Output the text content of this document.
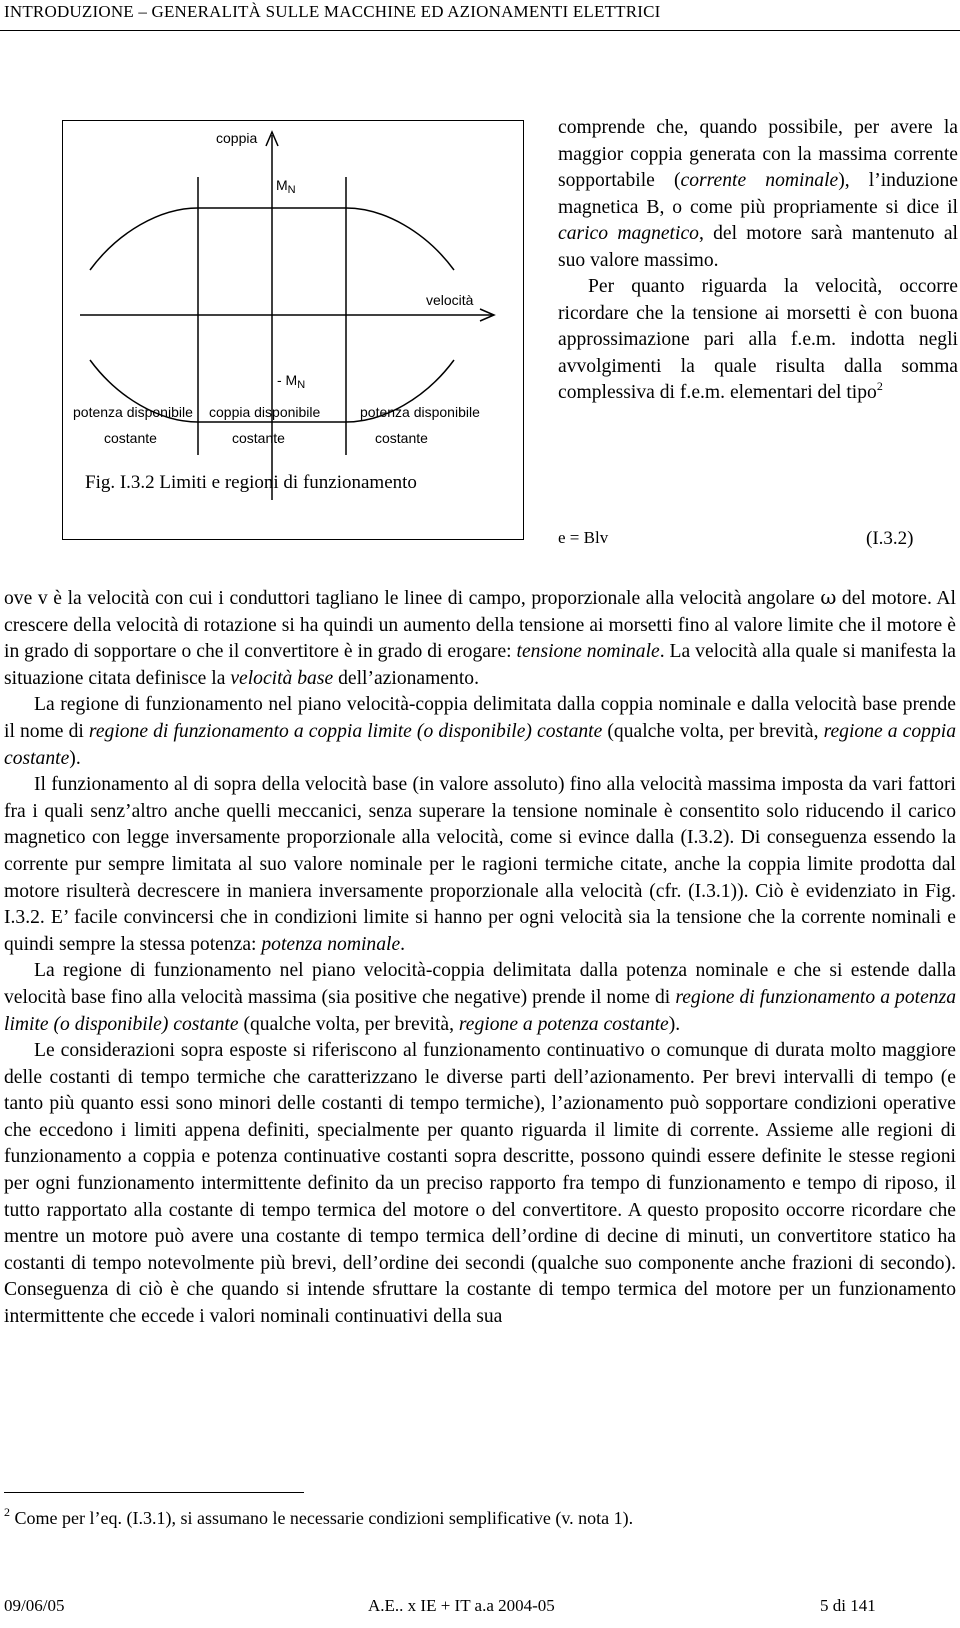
INTRODUZIONE – GENERALITÀ SULLE MACCHINE ED AZIONAMENTI ELETTRICI
coppia
$M_N$
velocità
- $M_N$
potenza disponibile
costante
coppia disponibile
costante
potenza disponibile
costante
Fig. I.3.2 Limiti e regioni di funzionamento

comprende che, quando possibile, per avere la maggior coppia generata con la massima corrente sopportabile (corrente nominale), l’induzione magnetica B, o come più propriamente si dice il carico magnetico, del motore sarà mantenuto al suo valore massimo.

Per quanto riguarda la velocità, occorre ricordare che la tensione ai morsetti è con buona approssimazione pari alla f.e.m. indotta negli avvolgimenti la quale risulta dalla somma complessiva di f.e.m. elementari del tipo$^2$

e = Blv	(I.3.2)

ove v è la velocità con cui i conduttori tagliano le linee di campo, proporzionale alla velocità angolare ω del motore. Al crescere della velocità di rotazione si ha quindi un aumento della tensione ai morsetti fino al valore limite che il motore è in grado di sopportare o che il convertitore è in grado di erogare: tensione nominale. La velocità alla quale si manifesta la situazione citata definisce la velocità base dell’azionamento.

La regione di funzionamento nel piano velocità-coppia delimitata dalla coppia nominale e dalla velocità base prende il nome di regione di funzionamento a coppia limite (o disponibile) costante (qualche volta, per brevità, regione a coppia costante).

Il funzionamento al di sopra della velocità base (in valore assoluto) fino alla velocità massima imposta da vari fattori fra i quali senz’altro anche quelli meccanici, senza superare la tensione nominale è consentito solo riducendo il carico magnetico con legge inversamente proporzionale alla velocità, come si evince dalla (I.3.2). Di conseguenza essendo la corrente pur sempre limitata al suo valore nominale per le ragioni termiche citate, anche la coppia limite prodotta dal motore risulterà decrescere in maniera inversamente proporzionale alla velocità (cfr. (I.3.1)). Ciò è evidenziato in Fig. I.3.2. E’ facile convincersi che in condizioni limite si hanno per ogni velocità sia la tensione che la corrente nominali e quindi sempre la stessa potenza: potenza nominale.

La regione di funzionamento nel piano velocità-coppia delimitata dalla potenza nominale e che si estende dalla velocità base fino alla velocità massima (sia positive che negative) prende il nome di regione di funzionamento a potenza limite (o disponibile) costante (qualche volta, per brevità, regione a potenza costante).

Le considerazioni sopra esposte si riferiscono al funzionamento continuativo o comunque di durata molto maggiore delle costanti di tempo termiche che caratterizzano le diverse parti dell’azionamento. Per brevi intervalli di tempo (e tanto più quanto essi sono minori delle costanti di tempo termiche), l’azionamento può sopportare condizioni operative che eccedono i limiti appena definiti, specialmente per quanto riguarda il limite di corrente. Assieme alle regioni di funzionamento a coppia e potenza continuative costanti sopra descritte, possono quindi essere definite le stesse regioni per ogni funzionamento intermittente definito da un preciso rapporto fra tempo di funzionamento e tempo di riposo, il tutto rapportato alla costante di tempo termica del motore o del convertitore. A questo proposito occorre ricordare che mentre un motore può avere una costante di tempo termica dell’ordine di decine di minuti, un convertitore statico ha costanti di tempo notevolmente più brevi, dell’ordine dei secondi (qualche suo componente anche frazioni di secondo). Conseguenza di ciò è che quando si intende sfruttare la costante di tempo termica del motore per un funzionamento intermittente che eccede i valori nominali continuativi della sua

$^2$ Come per l’eq. (I.3.1), si assumano le necessarie condizioni semplificative (v. nota 1).
09/06/05	A.E.. x IE + IT a.a 2004-05	5 di 141
